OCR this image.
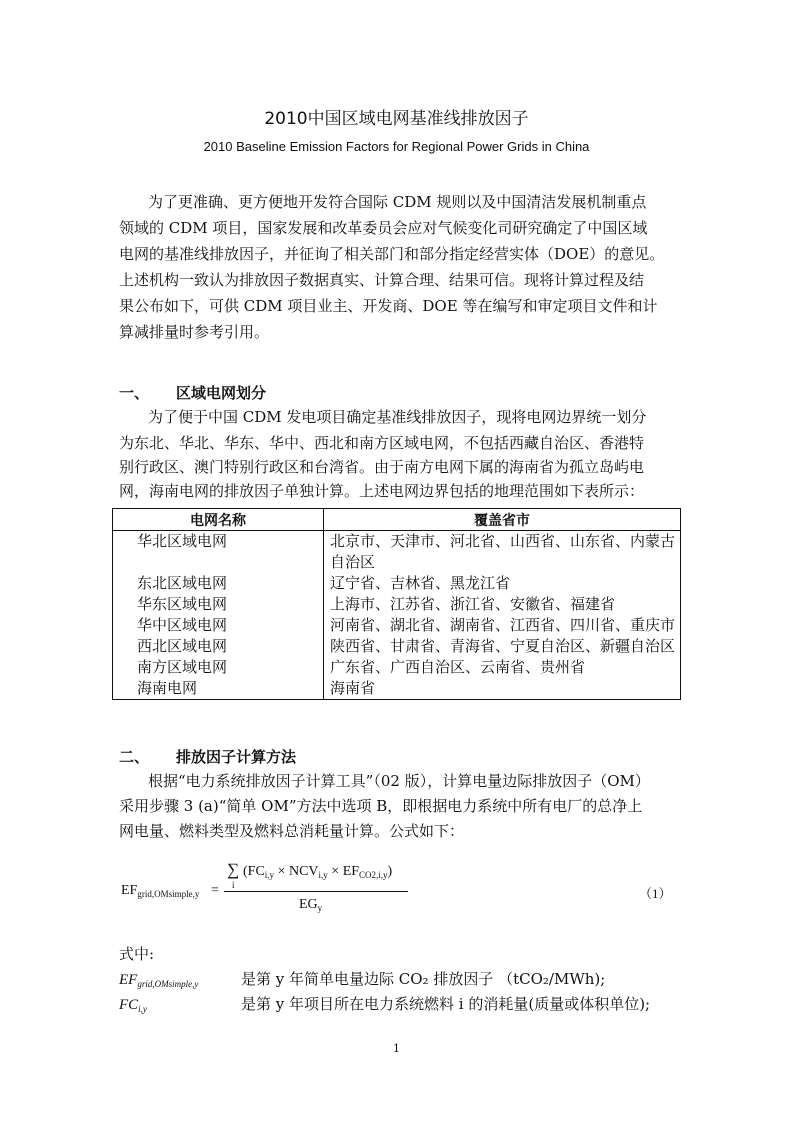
2010中国区域电网基准线排放因子
2010 Baseline Emission Factors for Regional Power Grids in China
为了更准确、更方便地开发符合国际 CDM 规则以及中国清洁发展机制重点
领域的 CDM 项目，国家发展和改革委员会应对气候变化司研究确定了中国区域
电网的基准线排放因子，并征询了相关部门和部分指定经营实体（DOE）的意见。
上述机构一致认为排放因子数据真实、计算合理、结果可信。现将计算过程及结
果公布如下，可供 CDM 项目业主、开发商、DOE 等在编写和审定项目文件和计
算减排量时参考引用。
一、 区域电网划分
为了便于中国 CDM 发电项目确定基准线排放因子，现将电网边界统一划分
为东北、华北、华东、华中、西北和南方区域电网，不包括西藏自治区、香港特
别行政区、澳门特别行政区和台湾省。由于南方电网下属的海南省为孤立岛屿电
网，海南电网的排放因子单独计算。上述电网边界包括的地理范围如下表所示：
电网名称	覆盖省市
华北区域电网	北京市、天津市、河北省、山西省、山东省、内蒙古
自治区
东北区域电网	辽宁省、吉林省、黑龙江省
华东区域电网	上海市、江苏省、浙江省、安徽省、福建省
华中区域电网	河南省、湖北省、湖南省、江西省、四川省、重庆市
西北区域电网	陕西省、甘肃省、青海省、宁夏自治区、新疆自治区
南方区域电网	广东省、广西自治区、云南省、贵州省
海南电网	海南省
二、 排放因子计算方法
根据“电力系统排放因子计算工具”（02 版），计算电量边际排放因子（OM）
采用步骤 3 (a)“简单 OM”方法中选项 B，即根据电力系统中所有电厂的总净上
网电量、燃料类型及燃料总消耗量计算。公式如下：
$EF_{grid,OMsimple,y}$ =
∑
i
$(FC_{i,y} \times NCV_{i,y} \times EF_{CO2,i,y})$
$EG_y$
（1）
式中:
$EF_{grid,OMsimple,y}$	是第 y 年简单电量边际 CO₂ 排放因子 （tCO₂/MWh);
$FC_{i,y}$	是第 y 年项目所在电力系统燃料 i 的消耗量(质量或体积单位);
1
